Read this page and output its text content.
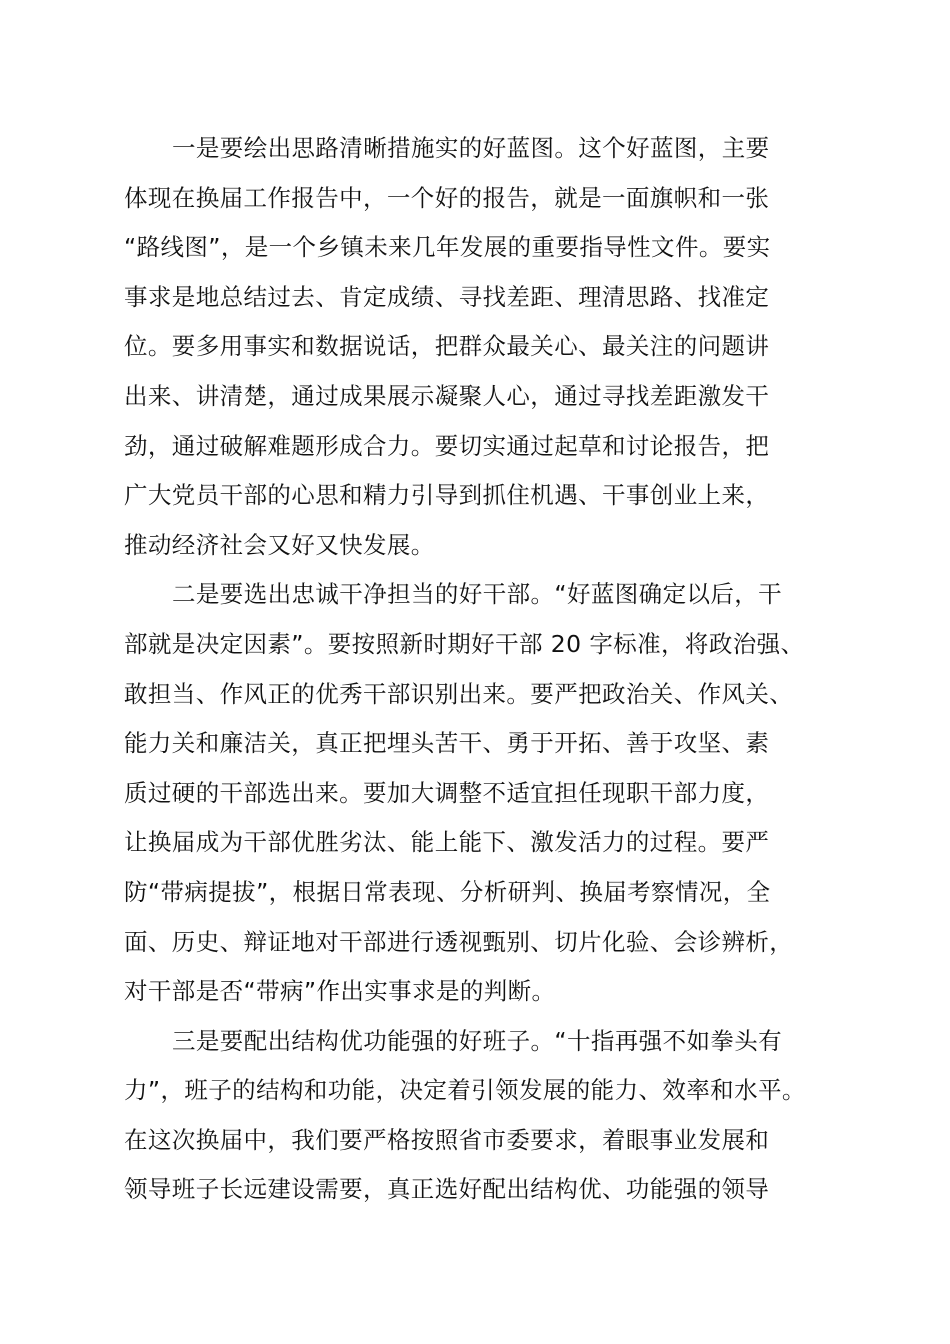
一是要绘出思路清晰措施实的好蓝图。这个好蓝图，主要
体现在换届工作报告中，一个好的报告，就是一面旗帜和一张
“路线图”，是一个乡镇未来几年发展的重要指导性文件。要实
事求是地总结过去、肯定成绩、寻找差距、理清思路、找准定
位。要多用事实和数据说话，把群众最关心、最关注的问题讲
出来、讲清楚，通过成果展示凝聚人心，通过寻找差距激发干
劲，通过破解难题形成合力。要切实通过起草和讨论报告，把
广大党员干部的心思和精力引导到抓住机遇、干事创业上来，
推动经济社会又好又快发展。
二是要选出忠诚干净担当的好干部。“好蓝图确定以后，干
部就是决定因素”。要按照新时期好干部 20 字标准，将政治强、
敢担当、作风正的优秀干部识别出来。要严把政治关、作风关、
能力关和廉洁关，真正把埋头苦干、勇于开拓、善于攻坚、素
质过硬的干部选出来。要加大调整不适宜担任现职干部力度，
让换届成为干部优胜劣汰、能上能下、激发活力的过程。要严
防“带病提拔”，根据日常表现、分析研判、换届考察情况，全
面、历史、辩证地对干部进行透视甄别、切片化验、会诊辨析，
对干部是否“带病”作出实事求是的判断。
三是要配出结构优功能强的好班子。“十指再强不如拳头有
力”，班子的结构和功能，决定着引领发展的能力、效率和水平。
在这次换届中，我们要严格按照省市委要求，着眼事业发展和
领导班子长远建设需要，真正选好配出结构优、功能强的领导
